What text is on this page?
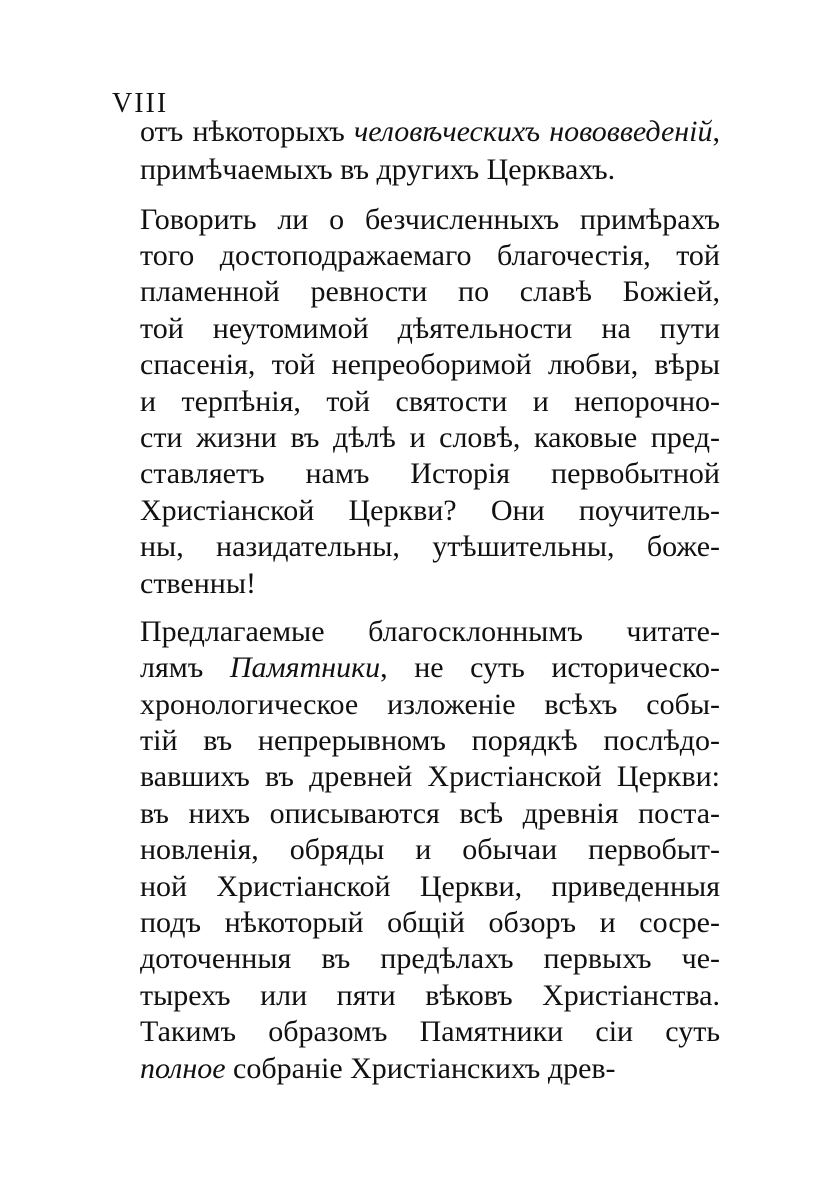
VIII
отъ нѣкоторыхъ человѣческихъ нововведеній,
примѣчаемыхъ въ другихъ Церквахъ.
Говорить ли о безчисленныхъ примѣрахъ
того достоподражаемаго благочестія, той
пламенной ревности по славѣ Божіей,
той неутомимой дѣятельности на пути
спасенія, той непреоборимой любви, вѣры
и терпѣнія, той святости и непорочно-
сти жизни въ дѣлѣ и словѣ, каковые пред-
ставляетъ намъ Исторія первобытной
Христіанской Церкви? Они поучитель-
ны, назидательны, утѣшительны, боже-
ственны!
Предлагаемые благосклоннымъ читате-
лямъ Памятники, не суть историческо-
хронологическое изложеніе всѣхъ собы-
тій въ непрерывномъ порядкѣ послѣдо-
вавшихъ въ древней Христіанской Церкви:
въ нихъ описываются всѣ древнія поста-
новленія, обряды и обычаи первобыт-
ной Христіанской Церкви, приведенныя
подъ нѣкоторый общій обзоръ и сосре-
доточенныя въ предѣлахъ первыхъ че-
тырехъ или пяти вѣковъ Христіанства.
Такимъ образомъ Памятники сіи суть
полное собраніе Христіанскихъ древ-
